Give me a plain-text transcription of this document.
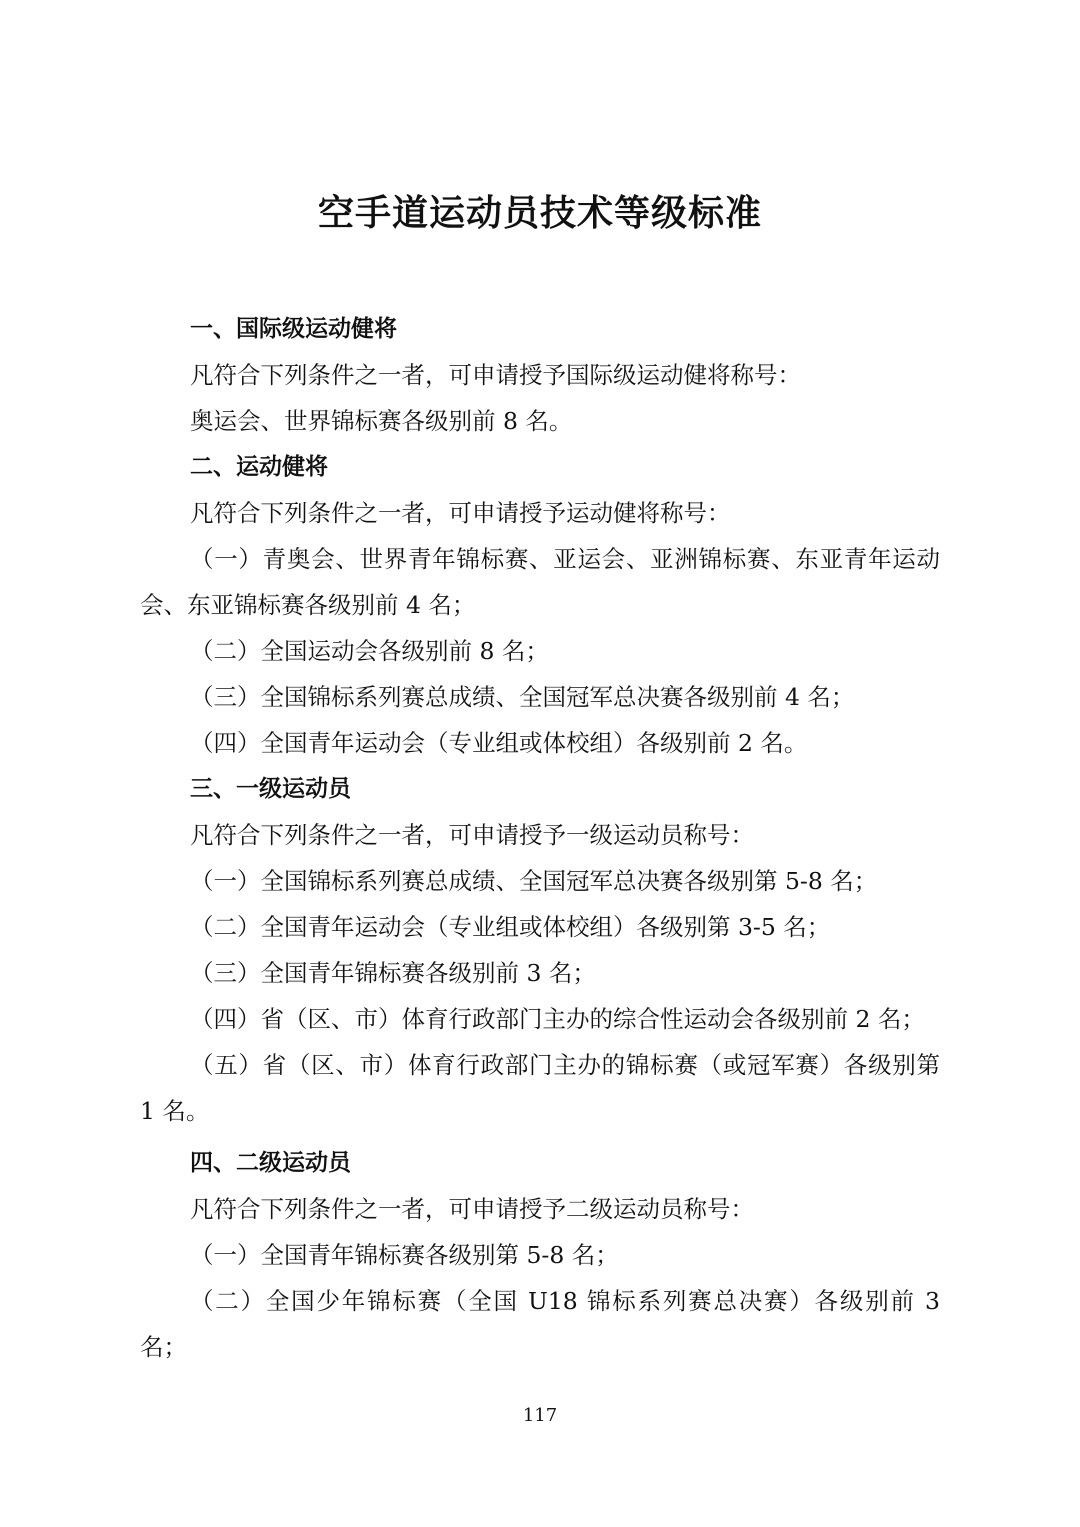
空手道运动员技术等级标准

一、国际级运动健将

凡符合下列条件之一者，可申请授予国际级运动健将称号：

奥运会、世界锦标赛各级别前 8 名。

二、运动健将

凡符合下列条件之一者，可申请授予运动健将称号：

（一）青奥会、世界青年锦标赛、亚运会、亚洲锦标赛、东亚青年运动会、东亚锦标赛各级别前 4 名；

（二）全国运动会各级别前 8 名；

（三）全国锦标系列赛总成绩、全国冠军总决赛各级别前 4 名；

（四）全国青年运动会（专业组或体校组）各级别前 2 名。

三、一级运动员

凡符合下列条件之一者，可申请授予一级运动员称号：

（一）全国锦标系列赛总成绩、全国冠军总决赛各级别第 5-8 名；

（二）全国青年运动会（专业组或体校组）各级别第 3-5 名；

（三）全国青年锦标赛各级别前 3 名；

（四）省（区、市）体育行政部门主办的综合性运动会各级别前 2 名；

（五）省（区、市）体育行政部门主办的锦标赛（或冠军赛）各级别第 1 名。

四、二级运动员

凡符合下列条件之一者，可申请授予二级运动员称号：

（一）全国青年锦标赛各级别第 5-8 名；

（二）全国少年锦标赛（全国 U18 锦标系列赛总决赛）各级别前 3 名；

117
